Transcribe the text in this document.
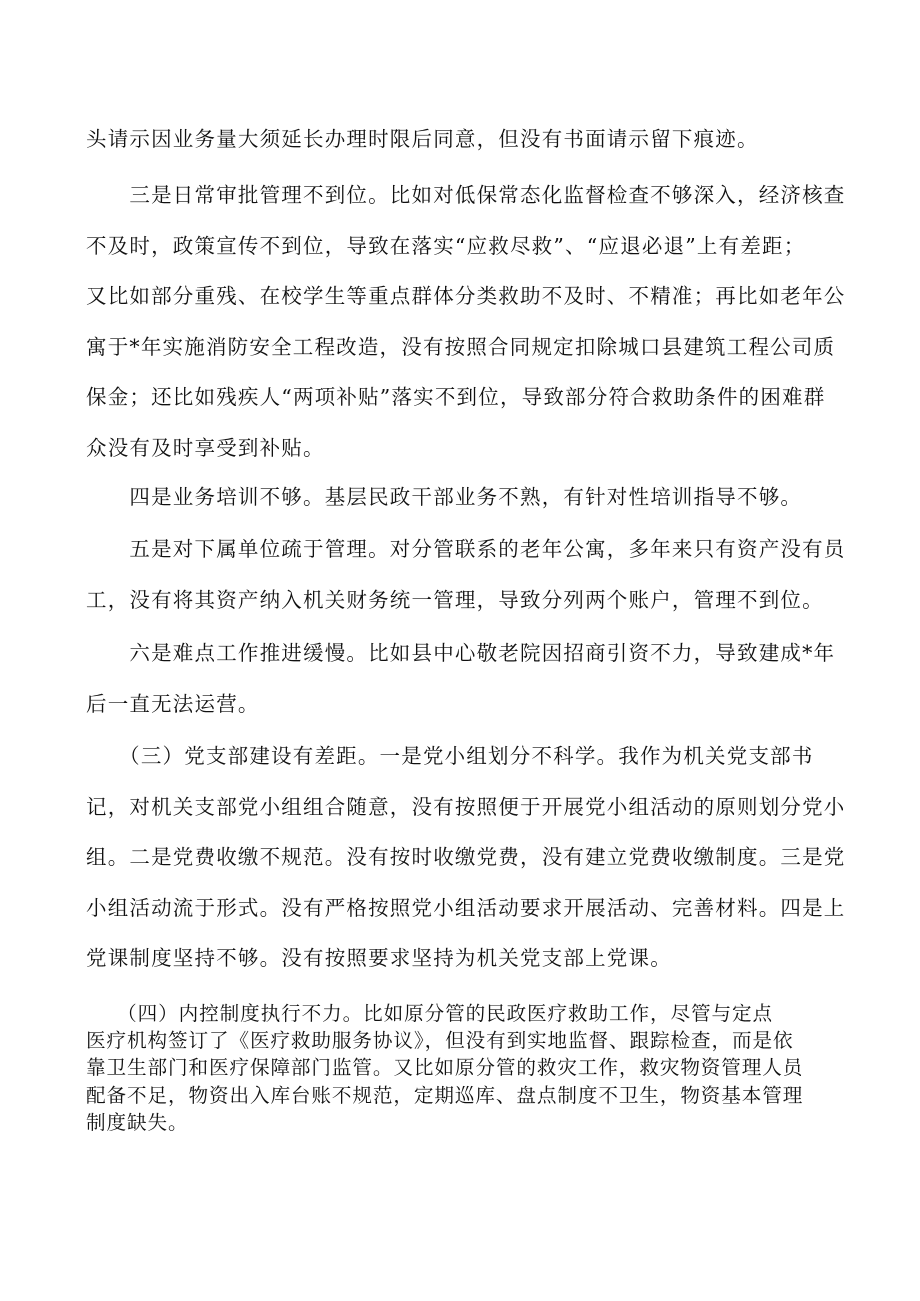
头请示因业务量大须延长办理时限后同意，但没有书面请示留下痕迹。
　　三是日常审批管理不到位。比如对低保常态化监督检查不够深入，经济核查
不及时，政策宣传不到位，导致在落实“应救尽救”、“应退必退”上有差距；
又比如部分重残、在校学生等重点群体分类救助不及时、不精准；再比如老年公
寓于*年实施消防安全工程改造，没有按照合同规定扣除城口县建筑工程公司质
保金；还比如残疾人“两项补贴”落实不到位，导致部分符合救助条件的困难群
众没有及时享受到补贴。
　　四是业务培训不够。基层民政干部业务不熟，有针对性培训指导不够。
　　五是对下属单位疏于管理。对分管联系的老年公寓，多年来只有资产没有员
工，没有将其资产纳入机关财务统一管理，导致分列两个账户，管理不到位。
　　六是难点工作推进缓慢。比如县中心敬老院因招商引资不力，导致建成*年
后一直无法运营。
　　（三）党支部建设有差距。一是党小组划分不科学。我作为机关党支部书
记，对机关支部党小组组合随意，没有按照便于开展党小组活动的原则划分党小
组。二是党费收缴不规范。没有按时收缴党费，没有建立党费收缴制度。三是党
小组活动流于形式。没有严格按照党小组活动要求开展活动、完善材料。四是上
党课制度坚持不够。没有按照要求坚持为机关党支部上党课。
　　（四）内控制度执行不力。比如原分管的民政医疗救助工作，尽管与定点
医疗机构签订了《医疗救助服务协议》，但没有到实地监督、跟踪检查，而是依
靠卫生部门和医疗保障部门监管。又比如原分管的救灾工作，救灾物资管理人员
配备不足，物资出入库台账不规范，定期巡库、盘点制度不卫生，物资基本管理
制度缺失。
